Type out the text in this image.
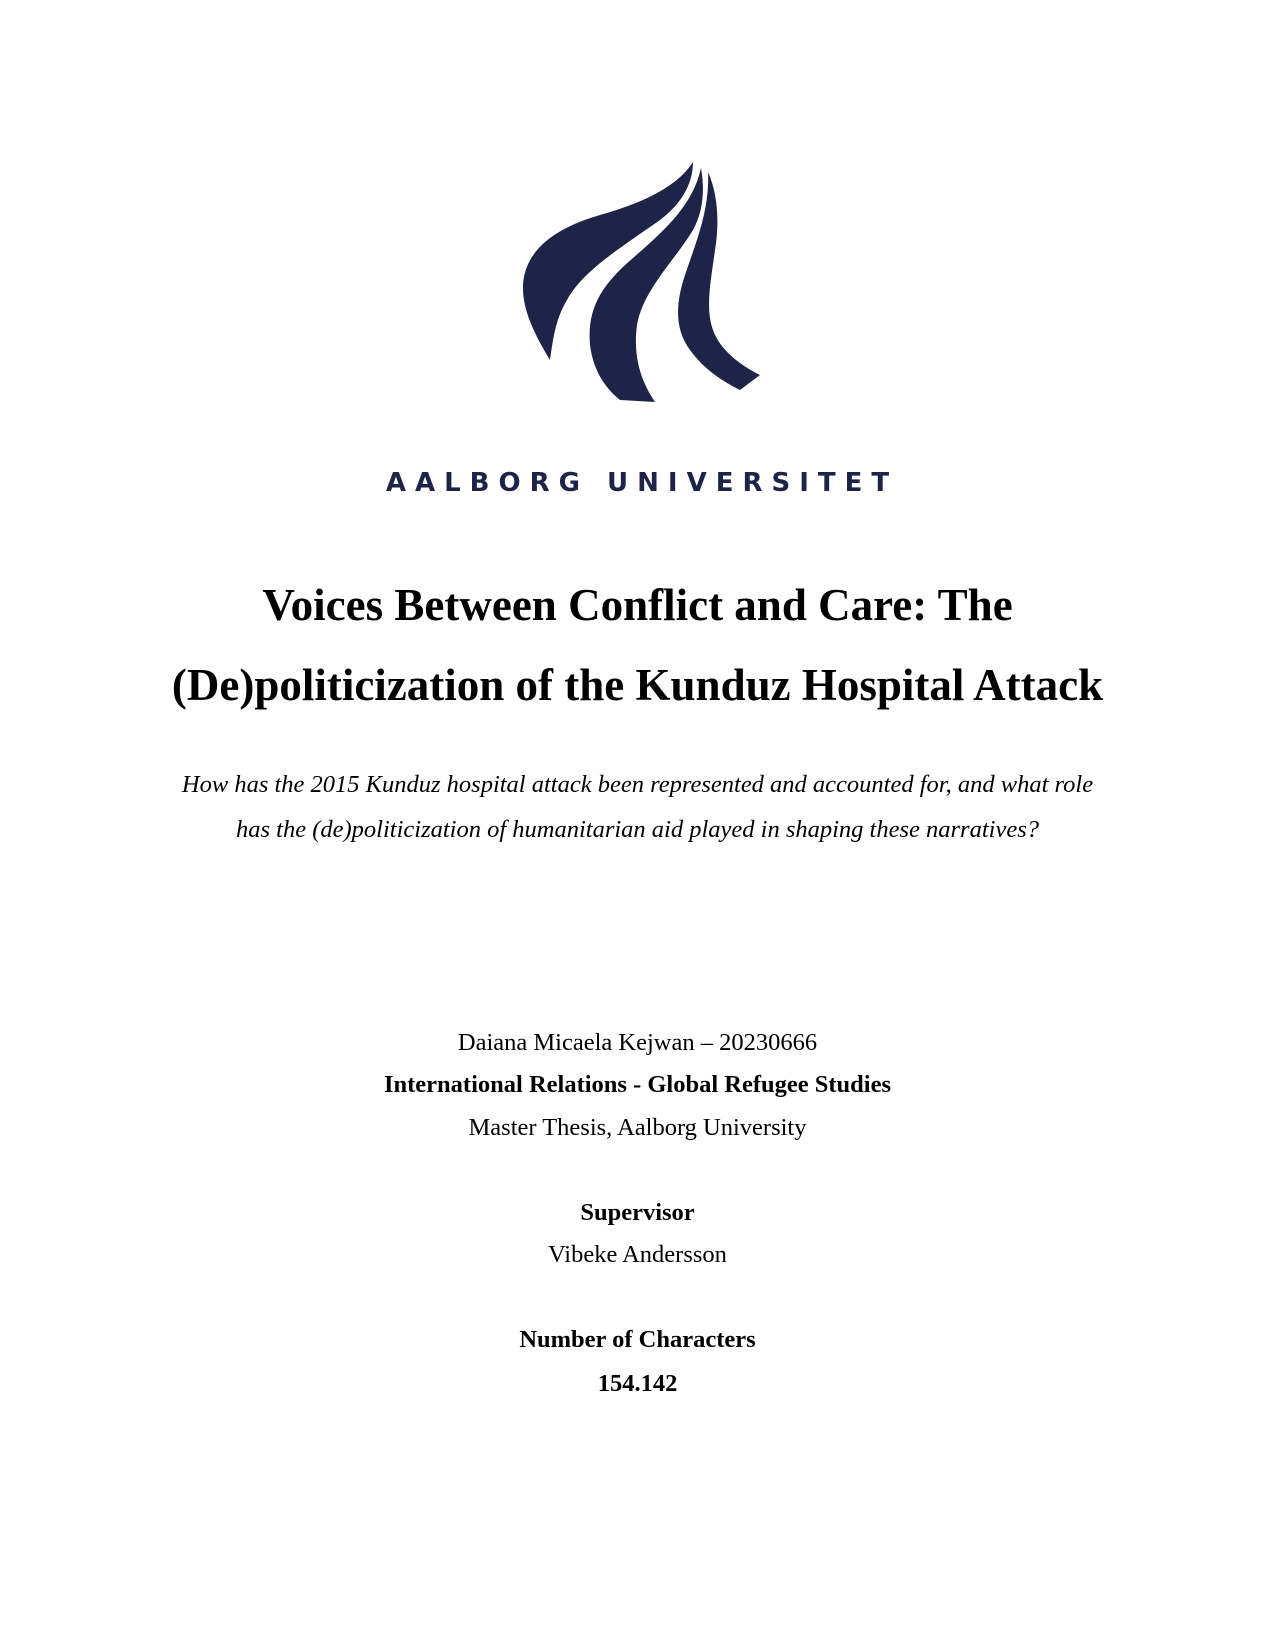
AALBORG UNIVERSITET
Voices Between Conflict and Care: The
(De)politicization of the Kunduz Hospital Attack

How has the 2015 Kunduz hospital attack been represented and accounted for, and what role
has the (de)politicization of humanitarian aid played in shaping these narratives?

Daiana Micaela Kejwan – 20230666
International Relations - Global Refugee Studies
Master Thesis, Aalborg University
Supervisor
Vibeke Andersson
Number of Characters
154.142
